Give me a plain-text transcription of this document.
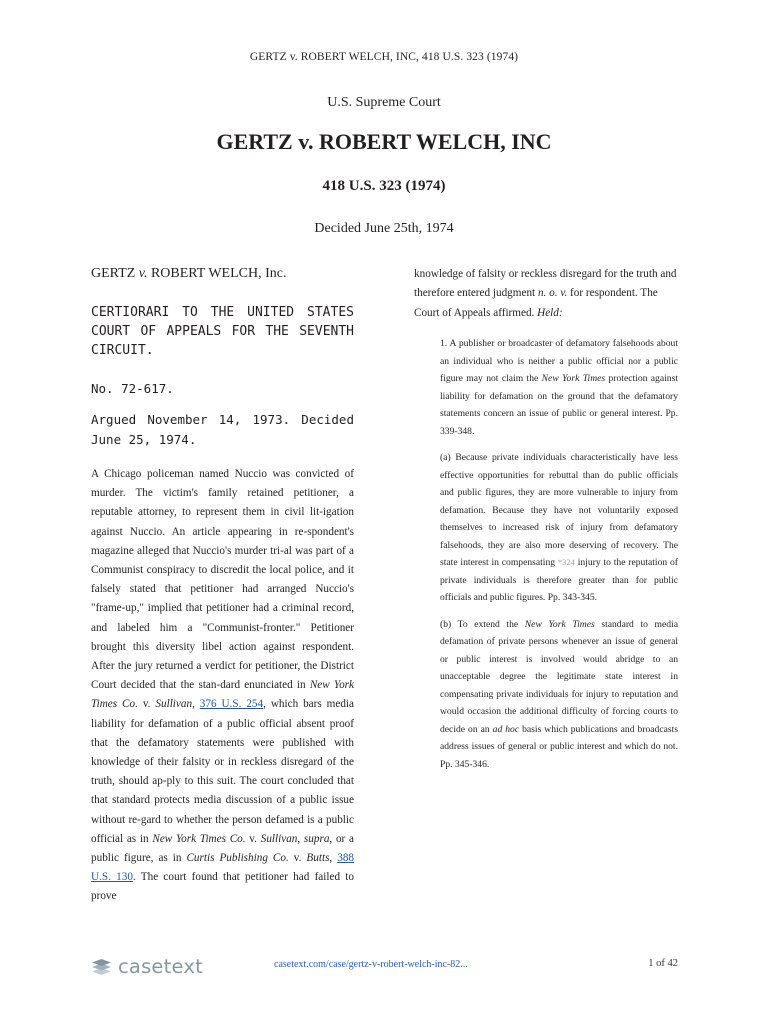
GERTZ v. ROBERT WELCH, INC, 418 U.S. 323 (1974)
U.S. Supreme Court
GERTZ v. ROBERT WELCH, INC
418 U.S. 323 (1974)
Decided June 25th, 1974

GERTZ v. ROBERT WELCH, Inc.

CERTIORARI TO THE UNITED STATES COURT OF APPEALS FOR THE SEVENTH CIRCUIT.

No. 72-617.

Argued November 14, 1973. Decided June 25, 1974.

A Chicago policeman named Nuccio was convicted of murder. The victim's family retained petitioner, a reputable attorney, to represent them in civil lit-igation against Nuccio. An article appearing in re-spondent's magazine alleged that Nuccio's murder tri-al was part of a Communist conspiracy to discredit the local police, and it falsely stated that petitioner had arranged Nuccio's "frame-up," implied that petitioner had a criminal record, and labeled him a "Communist-fronter." Petitioner brought this diversity libel action against respondent. After the jury returned a verdict for petitioner, the District Court decided that the stan-dard enunciated in New York Times Co. v. Sullivan, 376 U.S. 254, which bars media liability for defamation of a public official absent proof that the defamatory statements were published with knowledge of their falsity or in reckless disregard of the truth, should ap-ply to this suit. The court concluded that that standard protects media discussion of a public issue without re-gard to whether the person defamed is a public official as in New York Times Co. v. Sullivan, supra, or a public figure, as in Curtis Publishing Co. v. Butts, 388 U.S. 130. The court found that petitioner had failed to prove

knowledge of falsity or reckless disregard for the truth and therefore entered judgment n. o. v. for respondent. The Court of Appeals affirmed. Held:

1. A publisher or broadcaster of defamatory falsehoods about an individual who is neither a public official nor a public figure may not claim the New York Times protection against liability for defamation on the ground that the defamatory statements concern an issue of public or general interest. Pp. 339-348.

(a) Because private individuals characteristically have less effective opportunities for rebuttal than do public officials and public figures, they are more vulnerable to injury from defamation. Because they have not voluntarily exposed themselves to increased risk of injury from defamatory falsehoods, they are also more deserving of recovery. The state interest in compensating *324 injury to the reputation of private individuals is therefore greater than for public officials and public figures. Pp. 343-345.

(b) To extend the New York Times standard to media defamation of private persons whenever an issue of general or public interest is involved would abridge to an unacceptable degree the legitimate state interest in compensating private individuals for injury to reputation and would occasion the additional difficulty of forcing courts to decide on an ad hoc basis which publications and broadcasts address issues of general or public interest and which do not. Pp. 345-346.

casetext	casetext.com/case/gertz-v-robert-welch-inc-82...	1 of 42
